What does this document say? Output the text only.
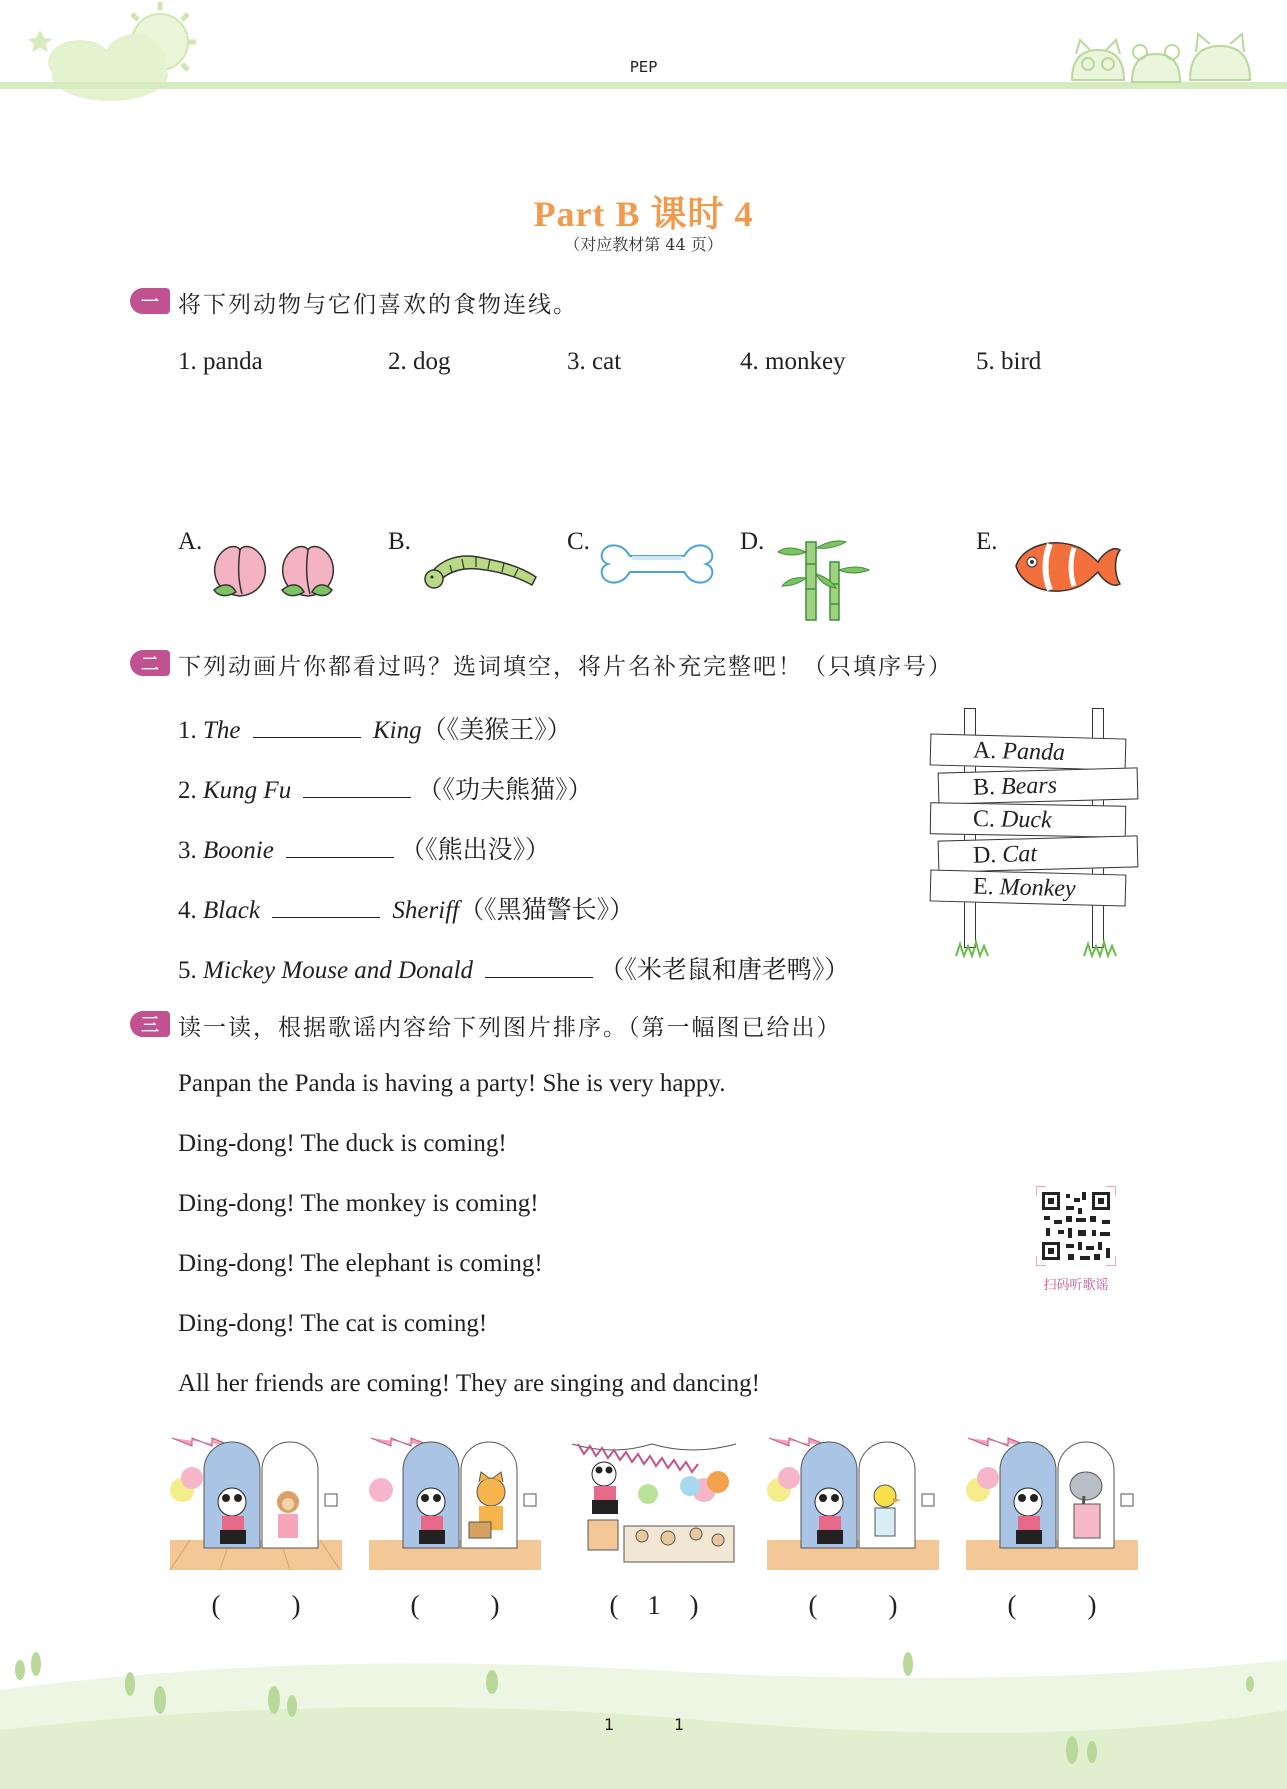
PEP
Part B 课时 4
（对应教材第 44 页）
一 将下列动物与它们喜欢的食物连线。
1. panda	2. dog	3. cat	4. monkey	5. bird
A.	B.	C.	D.	E.
二 下列动画片你都看过吗？选词填空，将片名补充完整吧！（只填序号）
1. The	King（《美猴王》）
2. Kung Fu	（《功夫熊猫》）
3. Boonie	（《熊出没》）
4. Black	Sheriff（《黑猫警长》）
5. Mickey Mouse and Donald	（《米老鼠和唐老鸭》）
A.
Panda
B.
Bears
C.
Duck
D.
Cat
E.
Monkey
三 读一读，根据歌谣内容给下列图片排序。（第一幅图已给出）
Panpan the Panda is having a party! She is very happy.
Ding-dong! The duck is coming!
Ding-dong! The monkey is coming!
Ding-dong! The elephant is coming!
Ding-dong! The cat is coming!
All her friends are coming! They are singing and dancing!
扫码听歌谣
(	)	(	)	( 1 )	(	)	(	)
1	1
